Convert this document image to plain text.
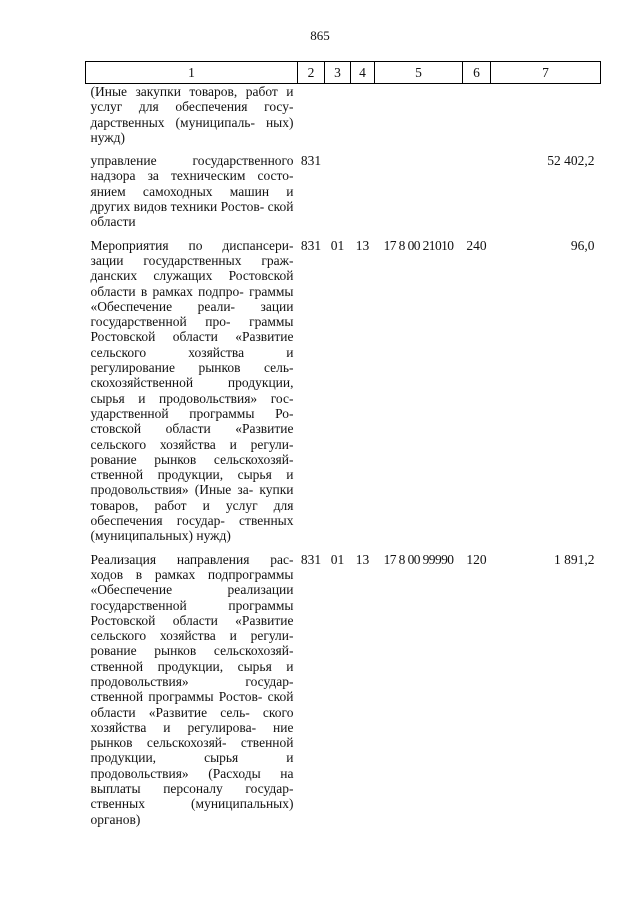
865
1	2	3	4	5	6	7
(Иные закупки товаров, работ и услуг для обеспечения госу- дарственных (муниципаль- ных) нужд)						
управление государственного надзора за техническим состо- янием самоходных машин и других видов техники Ростов- ской области	831					52 402,2
Мероприятия по диспансери- зации государственных граж- данских служащих Ростовской области в рамках подпро- граммы «Обеспечение реали- зации государственной про- граммы Ростовской области «Развитие сельского хозяйства и регулирование рынков сель- скохозяйственной продукции, сырья и продовольствия» гос- ударственной программы Ро- стовской области «Развитие сельского хозяйства и регули- рование рынков сельскохозяй- ственной продукции, сырья и продовольствия» (Иные за- купки товаров, работ и услуг для обеспечения государ- ственных (муниципальных) нужд)	831	01	13	17 8 00 21010	240	96,0
Реализация направления рас- ходов в рамках подпрограммы «Обеспечение реализации государственной программы Ростовской области «Развитие сельского хозяйства и регули- рование рынков сельскохозяй- ственной продукции, сырья и продовольствия» государ- ственной программы Ростов- ской области «Развитие сель- ского хозяйства и регулирова- ние рынков сельскохозяй- ственной продукции, сырья и продовольствия» (Расходы на выплаты персоналу государ- ственных (муниципальных) органов)	831	01	13	17 8 00 99990	120	1 891,2
